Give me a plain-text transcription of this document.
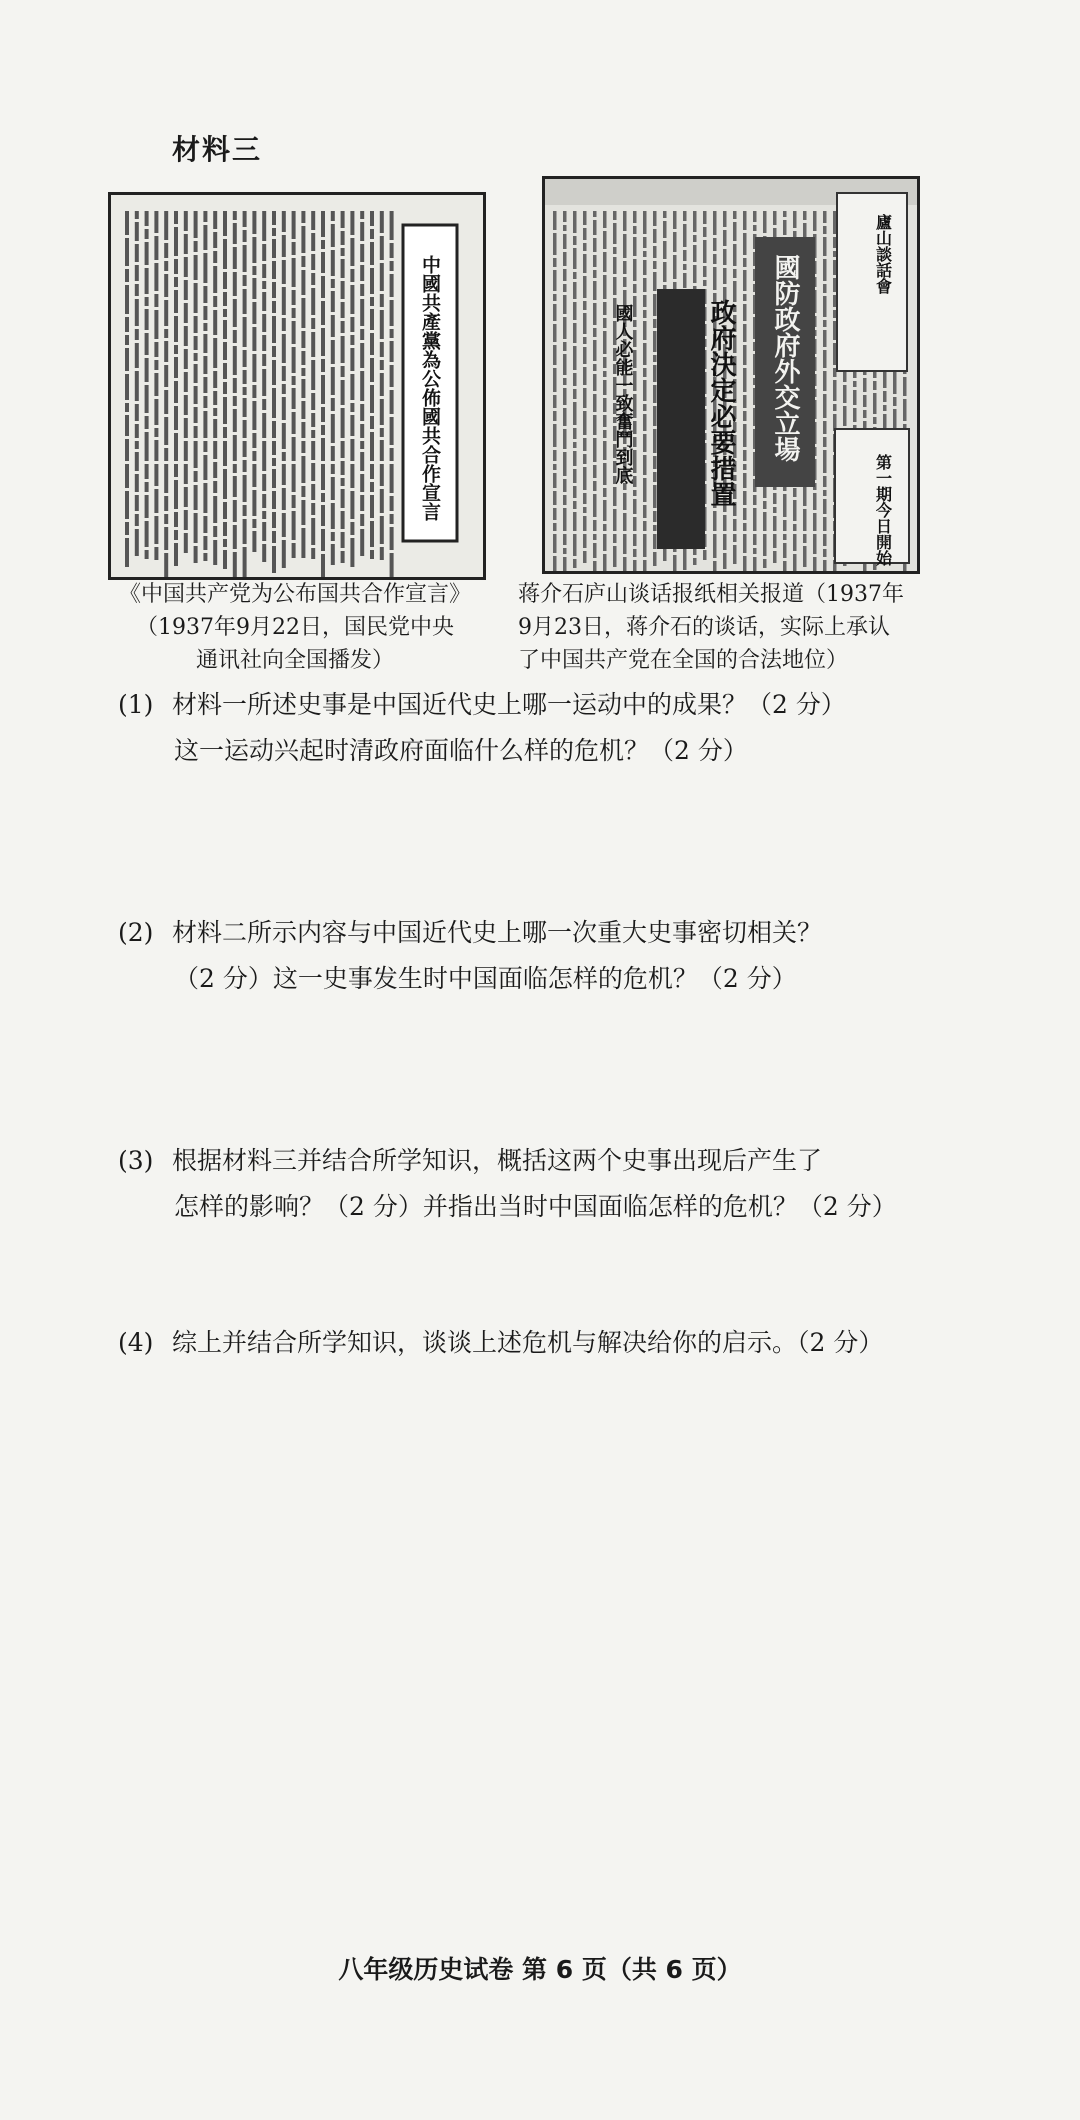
材料三
中國共產黨為公佈國共合作宣言	政府決定必要措置
國人必能一致奮鬥到底
第一期今日開始
廬山談話會
國防政府外交立場
《中国共产党为公布国共合作宣言》
（1937年9月22日，国民党中央
通讯社向全国播发）
蒋介石庐山谈话报纸相关报道（1937年
9月23日，蒋介石的谈话，实际上承认
了中国共产党在全国的合法地位）
(1) 材料一所述史事是中国近代史上哪一运动中的成果？（2 分）
这一运动兴起时清政府面临什么样的危机？（2 分）
(2) 材料二所示内容与中国近代史上哪一次重大史事密切相关？
（2 分）这一史事发生时中国面临怎样的危机？（2 分）
(3) 根据材料三并结合所学知识，概括这两个史事出现后产生了
怎样的影响？（2 分）并指出当时中国面临怎样的危机？（2 分）
(4) 综上并结合所学知识，谈谈上述危机与解决给你的启示。（2 分）
八年级历史试卷 第 6 页（共 6 页）
